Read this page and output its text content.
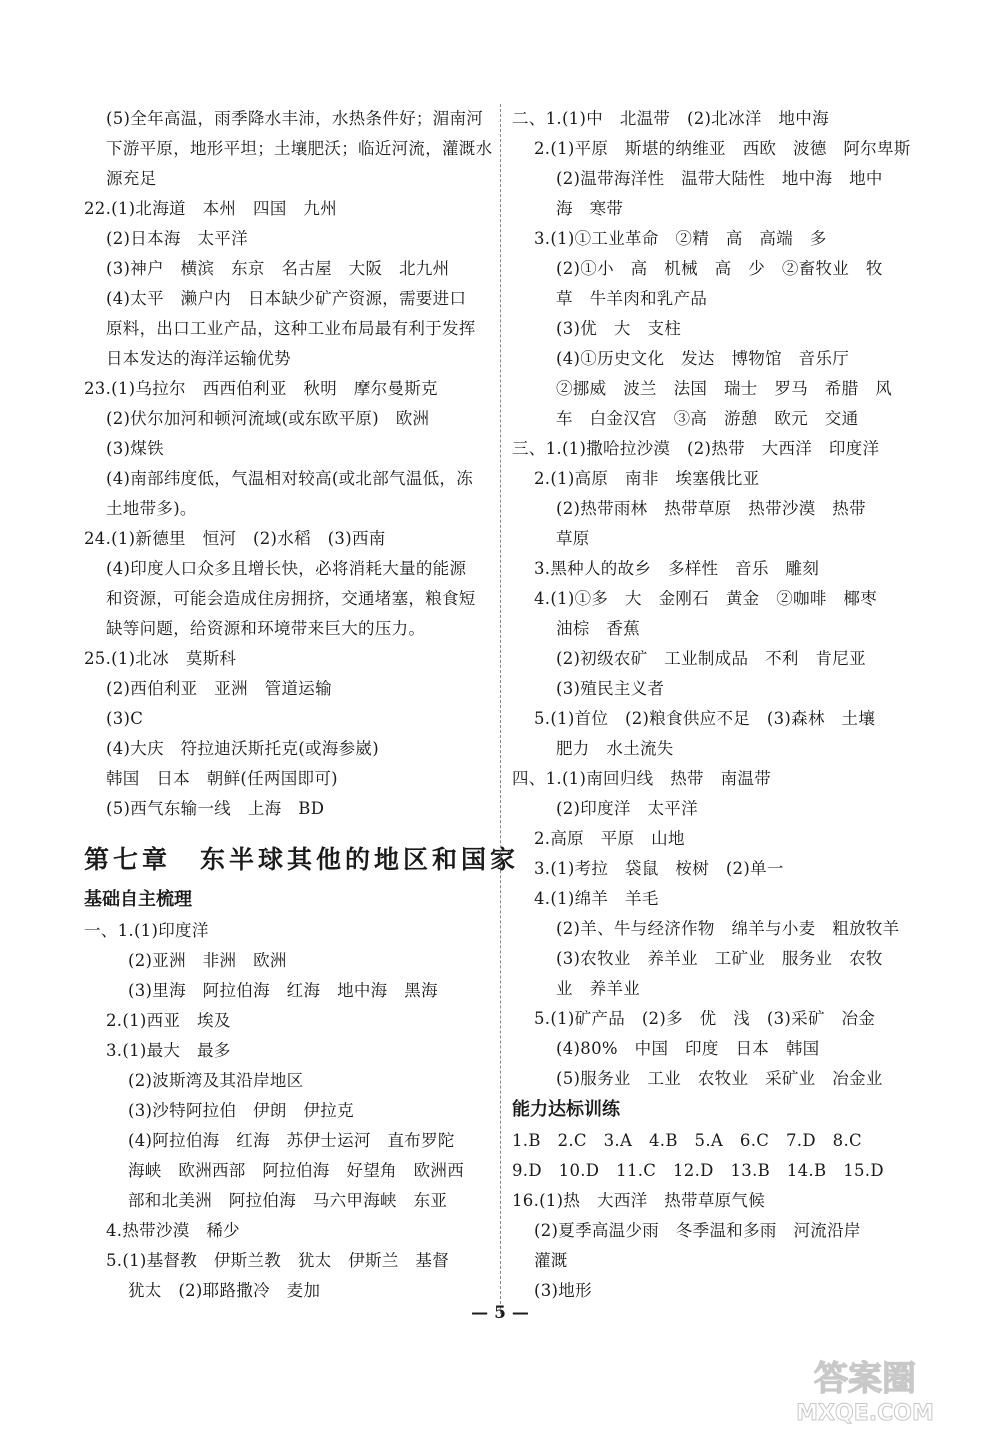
(5)全年高温，雨季降水丰沛，水热条件好；湄南河
下游平原，地形平坦；土壤肥沃；临近河流，灌溉水
源充足
22.(1)北海道　本州　四国　九州
(2)日本海　太平洋
(3)神户　横滨　东京　名古屋　大阪　北九州
(4)太平　濑户内　日本缺少矿产资源，需要进口
原料，出口工业产品，这种工业布局最有利于发挥
日本发达的海洋运输优势
23.(1)乌拉尔　西西伯利亚　秋明　摩尔曼斯克
(2)伏尔加河和顿河流域(或东欧平原)　欧洲
(3)煤铁
(4)南部纬度低，气温相对较高(或北部气温低，冻
土地带多)。
24.(1)新德里　恒河　(2)水稻　(3)西南
(4)印度人口众多且增长快，必将消耗大量的能源
和资源，可能会造成住房拥挤，交通堵塞，粮食短
缺等问题，给资源和环境带来巨大的压力。
25.(1)北冰　莫斯科
(2)西伯利亚　亚洲　管道运输
(3)C
(4)大庆　符拉迪沃斯托克(或海参崴)
韩国　日本　朝鲜(任两国即可)
(5)西气东输一线　上海　BD
第七章　东半球其他的地区和国家
基础自主梳理
一、1.(1)印度洋
(2)亚洲　非洲　欧洲
(3)里海　阿拉伯海　红海　地中海　黑海
2.(1)西亚　埃及
3.(1)最大　最多
(2)波斯湾及其沿岸地区
(3)沙特阿拉伯　伊朗　伊拉克
(4)阿拉伯海　红海　苏伊士运河　直布罗陀
海峡　欧洲西部　阿拉伯海　好望角　欧洲西
部和北美洲　阿拉伯海　马六甲海峡　东亚
4.热带沙漠　稀少
5.(1)基督教　伊斯兰教　犹太　伊斯兰　基督
犹太　(2)耶路撒冷　麦加
二、1.(1)中　北温带　(2)北冰洋　地中海
2.(1)平原　斯堪的纳维亚　西欧　波德　阿尔卑斯
(2)温带海洋性　温带大陆性　地中海　地中
海　寒带
3.(1)①工业革命　②精　高　高端　多
(2)①小　高　机械　高　少　②畜牧业　牧
草　牛羊肉和乳产品
(3)优　大　支柱
(4)①历史文化　发达　博物馆　音乐厅
②挪威　波兰　法国　瑞士　罗马　希腊　风
车　白金汉宫　③高　游憩　欧元　交通
三、1.(1)撒哈拉沙漠　(2)热带　大西洋　印度洋
2.(1)高原　南非　埃塞俄比亚
(2)热带雨林　热带草原　热带沙漠　热带
草原
3.黑种人的故乡　多样性　音乐　雕刻
4.(1)①多　大　金刚石　黄金　②咖啡　椰枣
油棕　香蕉
(2)初级农矿　工业制成品　不利　肯尼亚
(3)殖民主义者
5.(1)首位　(2)粮食供应不足　(3)森林　土壤
肥力　水土流失
四、1.(1)南回归线　热带　南温带
(2)印度洋　太平洋
2.高原　平原　山地
3.(1)考拉　袋鼠　桉树　(2)单一
4.(1)绵羊　羊毛
(2)羊、牛与经济作物　绵羊与小麦　粗放牧羊
(3)农牧业　养羊业　工矿业　服务业　农牧
业　养羊业
5.(1)矿产品　(2)多　优　浅　(3)采矿　冶金
(4)80%　中国　印度　日本　韩国
(5)服务业　工业　农牧业　采矿业　冶金业
能力达标训练
1.B　2.C　3.A　4.B　5.A　6.C　7.D　8.C
9.D　10.D　11.C　12.D　13.B　14.B　15.D
16.(1)热　大西洋　热带草原气候
(2)夏季高温少雨　冬季温和多雨　河流沿岸
灌溉
(3)地形
— 5 —
答案圈
MXQE.COM
